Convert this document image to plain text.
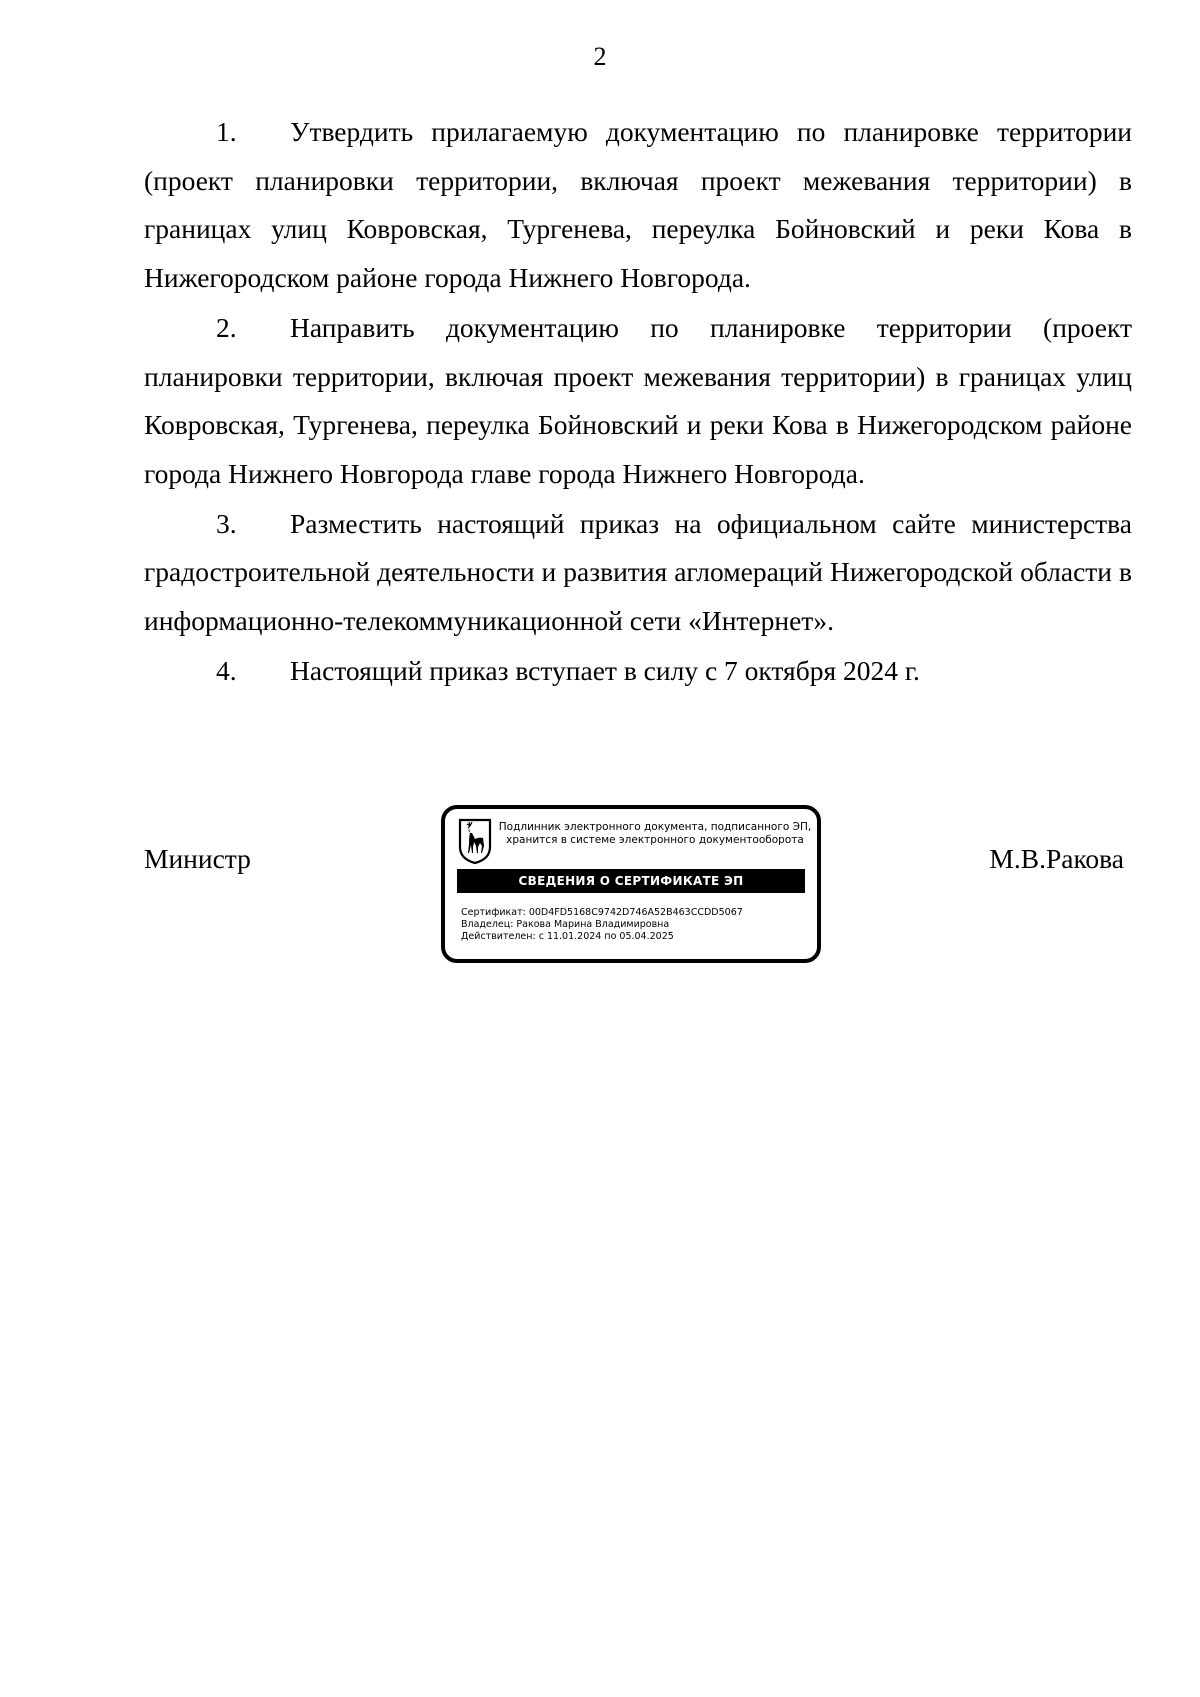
2

1. Утвердить прилагаемую документацию по планировке территории (проект планировки территории, включая проект межевания территории) в границах улиц Ковровская, Тургенева, переулка Бойновский и реки Кова в Нижегородском районе города Нижнего Новгорода.

2. Направить документацию по планировке территории (проект планировки территории, включая проект межевания территории) в границах улиц Ковровская, Тургенева, переулка Бойновский и реки Кова в Нижегородском районе города Нижнего Новгорода главе города Нижнего Новгорода.

3. Разместить настоящий приказ на официальном сайте министерства градостроительной деятельности и развития агломераций Нижегородской области в информационно-телекоммуникационной сети «Интернет».

4. Настоящий приказ вступает в силу с 7 октября 2024 г.

Министр
Подлинник электронного документа, подписанного ЭП,
хранится в системе электронного документооборота
СВЕДЕНИЯ О СЕРТИФИКАТЕ ЭП
Сертификат: 00D4FD5168C9742D746A52B463CCDD5067
Владелец: Ракова Марина Владимировна
Действителен: с 11.01.2024 по 05.04.2025
М.В.Ракова
